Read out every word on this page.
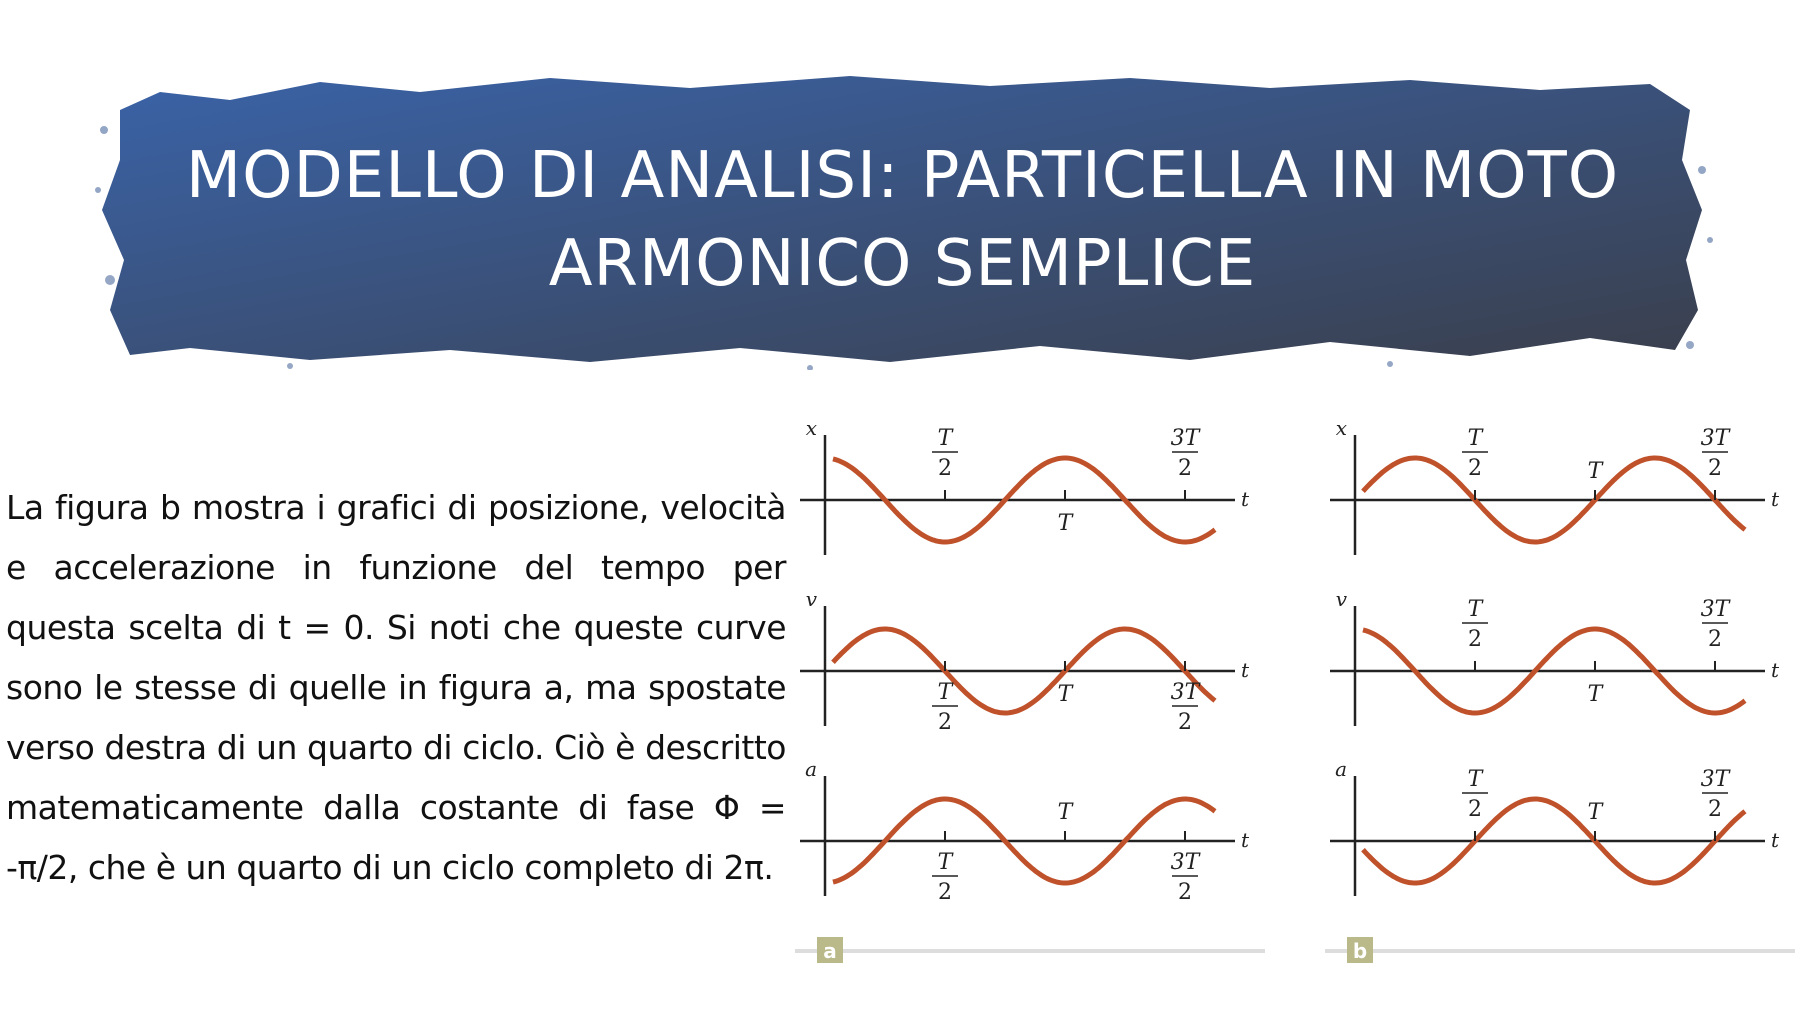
MODELLO DI ANALISI: PARTICELLA IN MOTO
ARMONICO SEMPLICE
La figura b mostra i grafici di posizione, velocità e accelerazione in funzione del tempo per questa scelta di t = 0. Si noti che queste curve sono le stesse di quelle in figura a, ma spostate verso destra di un quarto di ciclo. Ciò è descritto matematicamente dalla costante di fase Φ = -π/2, che è un quarto di un ciclo completo di 2π.
x
t
T
2
T
3T
2
v
t
T
2
T	3T
2
a
t
T
2
T
3T
2
a
x
t
T
2	T
3T
2
v
t
T
2
T
3T
2
a
t
T
2	T
3T
2
b
